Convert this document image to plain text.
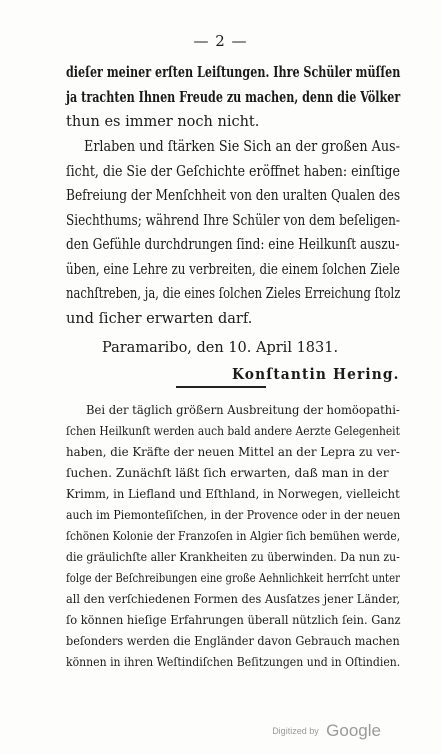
— 2 —
dieſer meiner erſten Leiſtungen. Ihre Schüler müſſen
ja trachten Ihnen Freude zu machen, denn die Völker
thun es immer noch nicht.
Erlaben und ſtärken Sie Sich an der großen Aus-
ſicht, die Sie der Geſchichte eröffnet haben: einſtige
Befreiung der Menſchheit von den uralten Qualen des
Siechthums; während Ihre Schüler von dem beſeligen-
den Gefühle durchdrungen ſind: eine Heilkunſt auszu-
üben, eine Lehre zu verbreiten, die einem ſolchen Ziele
nachſtreben, ja, die eines ſolchen Zieles Erreichung ſtolz
und ſicher erwarten darf.
Paramaribo, den 10. April 1831.
Konſtantin Hering.
Bei der täglich größern Ausbreitung der homöopathi-
ſchen Heilkunſt werden auch bald andere Aerzte Gelegenheit
haben, die Kräfte der neuen Mittel an der Lepra zu ver-
ſuchen. Zunächſt läßt ſich erwarten, daß man in der
Krimm, in Liefland und Eſthland, in Norwegen, vielleicht
auch im Piemonteſiſchen, in der Provence oder in der neuen
ſchönen Kolonie der Franzoſen in Algier ſich bemühen werde,
die gräulichſte aller Krankheiten zu überwinden. Da nun zu-
folge der Beſchreibungen eine große Aehnlichkeit herrſcht unter
all den verſchiedenen Formen des Ausſatzes jener Länder,
ſo können hieſige Erfahrungen überall nützlich ſein. Ganz
beſonders werden die Engländer davon Gebrauch machen
können in ihren Weſtindiſchen Beſitzungen und in Oſtindien.
Digitized by Google
